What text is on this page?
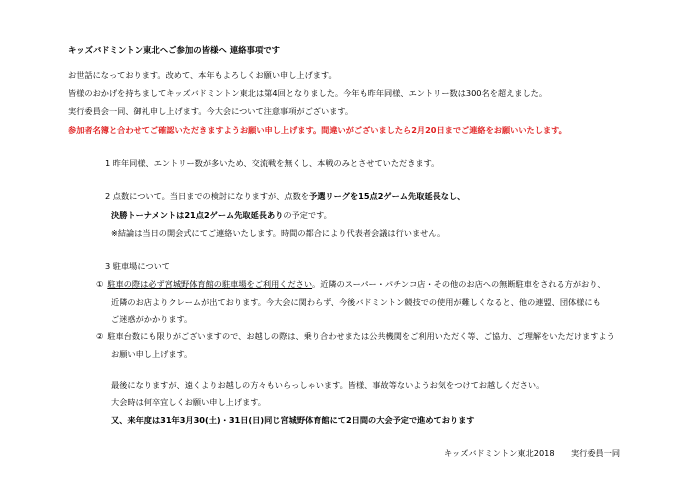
キッズバドミントン東北へご参加の皆様へ 連絡事項です
お世話になっております。改めて、本年もよろしくお願い申し上げます。
皆様のおかげを持ちましてキッズバドミントン東北は第4回となりました。今年も昨年同様、エントリー数は300名を超えました。
実行委員会一同、御礼申し上げます。今大会について注意事項がございます。
参加者名簿と合わせてご確認いただきますようお願い申し上げます。間違いがございましたら2月20日までご連絡をお願いいたします。
1 昨年同様、エントリー数が多いため、交流戦を無くし、本戦のみとさせていただきます。
2 点数について。当日までの検討になりますが、点数を予選リーグを15点2ゲーム先取延長なし、
決勝トーナメントは21点2ゲーム先取延長ありの予定です。
※結論は当日の開会式にてご連絡いたします。時間の都合により代表者会議は行いません。
3 駐車場について
① 駐車の際は必ず宮城野体育館の駐車場をご利用ください。近隣のスーパー・パチンコ店・その他のお店への無断駐車をされる方がおり、
近隣のお店よりクレームが出ております。今大会に関わらず、今後バドミントン競技での使用が難しくなると、他の連盟、団体様にも
ご迷惑がかかります。
② 駐車台数にも限りがございますので、お越しの際は、乗り合わせまたは公共機関をご利用いただく等、ご協力、ご理解をいただけますよう
お願い申し上げます。
最後になりますが、遠くよりお越しの方々もいらっしゃいます。皆様、事故等ないようお気をつけてお越しください。
大会時は何卒宜しくお願い申し上げます。
又、来年度は31年3月30(土)・31日(日)同じ宮城野体育館にて2日間の大会予定で進めております
キッズバドミントン東北2018　　実行委員一同
